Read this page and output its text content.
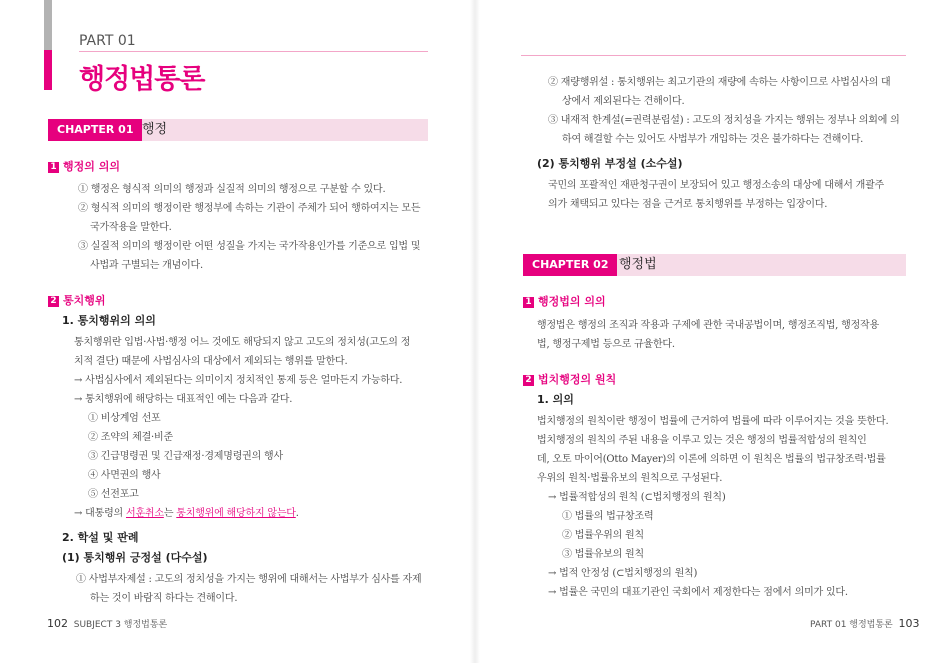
PART 01
행정법통론
CHAPTER 01 행정
1 행정의 의의
① 행정은 형식적 의미의 행정과 실질적 의미의 행정으로 구분할 수 있다.
② 형식적 의미의 행정이란 행정부에 속하는 기관이 주체가 되어 행하여지는 모든
국가작용을 말한다.
③ 실질적 의미의 행정이란 어떤 성질을 가지는 국가작용인가를 기준으로 입법 및
사법과 구별되는 개념이다.
2 통치행위
1. 통치행위의 의의
통치행위란 입법·사법·행정 어느 것에도 해당되지 않고 고도의 정치성(고도의 정
치적 결단) 때문에 사법심사의 대상에서 제외되는 행위를 말한다.
→ 사법심사에서 제외된다는 의미이지 정치적인 통제 등은 얼마든지 가능하다.
→ 통치행위에 해당하는 대표적인 예는 다음과 같다.
① 비상계엄 선포
② 조약의 체결·비준
③ 긴급명령권 및 긴급재정·경제명령권의 행사
④ 사면권의 행사
⑤ 선전포고
→ 대통령의 서훈취소는 통치행위에 해당하지 않는다.
2. 학설 및 판례
(1) 통치행위 긍정설 (다수설)
① 사법부자제설 : 고도의 정치성을 가지는 행위에 대해서는 사법부가 심사를 자제
하는 것이 바람직 하다는 견해이다.
102 SUBJECT 3 행정법통론
② 재량행위설 : 통치행위는 최고기관의 재량에 속하는 사항이므로 사법심사의 대
상에서 제외된다는 견해이다.
③ 내재적 한계설(=권력분립설) : 고도의 정치성을 가지는 행위는 정부나 의회에 의
하여 해결할 수는 있어도 사법부가 개입하는 것은 불가하다는 견해이다.
(2) 통치행위 부정설 (소수설)
국민의 포괄적인 재판청구권이 보장되어 있고 행정소송의 대상에 대해서 개괄주
의가 채택되고 있다는 점을 근거로 통치행위를 부정하는 입장이다.
CHAPTER 02 행정법
1 행정법의 의의
행정법은 행정의 조직과 작용과 구제에 관한 국내공법이며, 행정조직법, 행정작용
법, 행정구제법 등으로 규율한다.
2 법치행정의 원칙
1. 의의
법치행정의 원칙이란 행정이 법률에 근거하여 법률에 따라 이루어지는 것을 뜻한다.
법치행정의 원칙의 주된 내용을 이루고 있는 것은 행정의 법률적합성의 원칙인
데, 오토 마이어(Otto Mayer)의 이론에 의하면 이 원칙은 법률의 법규창조력·법률
우위의 원칙·법률유보의 원칙으로 구성된다.
→ 법률적합성의 원칙 (⊂법치행정의 원칙)
① 법률의 법규창조력
② 법률우위의 원칙
③ 법률유보의 원칙
→ 법적 안정성 (⊂법치행정의 원칙)
→ 법률은 국민의 대표기관인 국회에서 제정한다는 점에서 의미가 있다.
PART 01 행정법통론 103
